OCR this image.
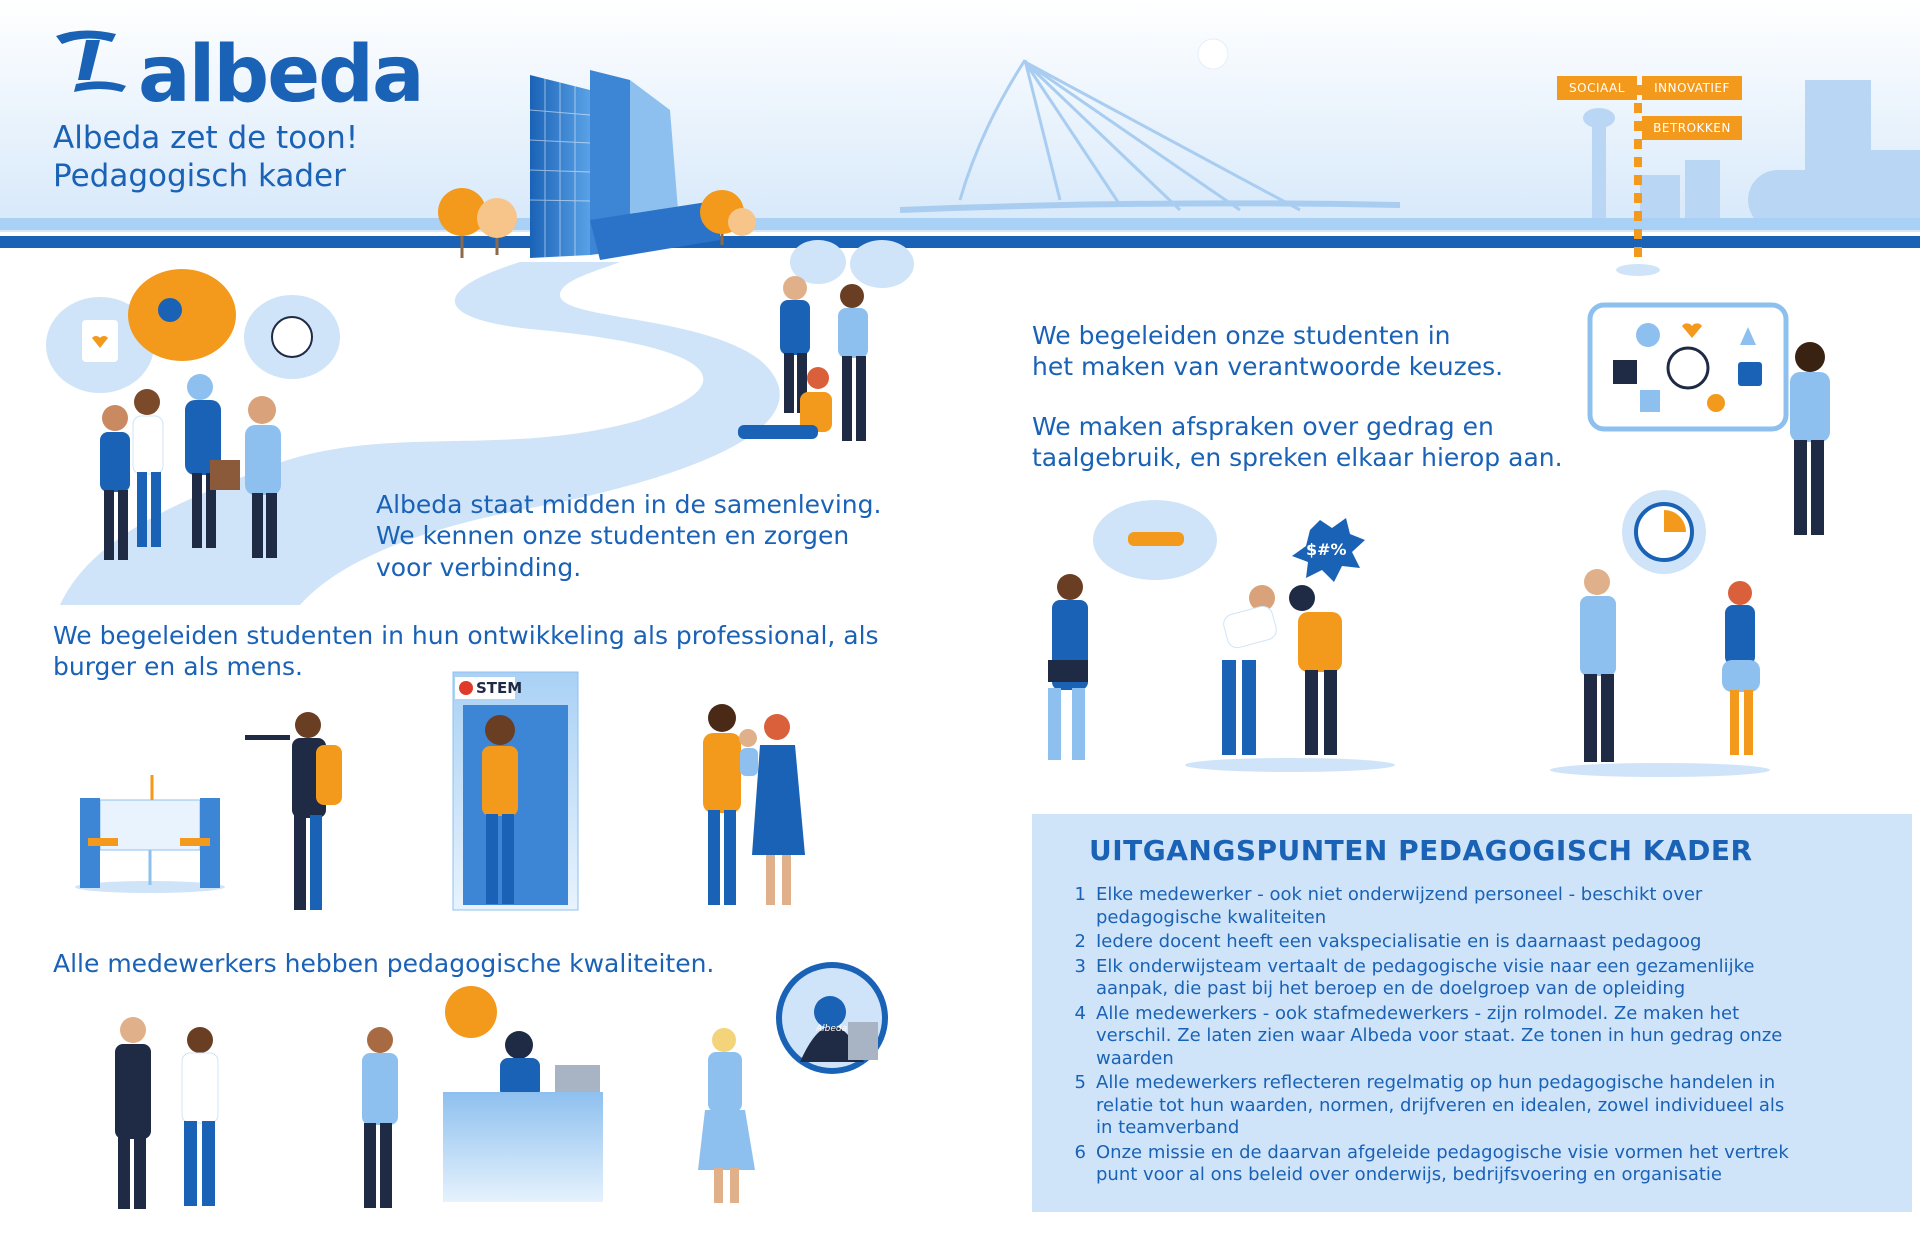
albeda
Albeda zet de toon!
Pedagogisch kader
SOCIAAL	INNOVATIEF
BETROKKEN
Albeda staat midden in de samenleving.
We kennen onze studenten en zorgen
voor verbinding.
We begeleiden studenten in hun ontwikkeling als professional, als
burger en als mens.
Alle medewerkers hebben pedagogische kwaliteiten.
We begeleiden onze studenten in
het maken van verantwoorde keuzes.
We maken afspraken over gedrag en
taalgebruik, en spreken elkaar hierop aan.
STEM
$#%
Albeda
UITGANGSPUNTEN PEDAGOGISCH KADER
1 Elke medewerker - ook niet onderwijzend personeel - beschikt over
pedagogische kwaliteiten
2 Iedere docent heeft een vakspecialisatie en is daarnaast pedagoog
3 Elk onderwijsteam vertaalt de pedagogische visie naar een gezamenlijke
aanpak, die past bij het beroep en de doelgroep van de opleiding
4 Alle medewerkers - ook stafmedewerkers - zijn rolmodel. Ze maken het
verschil. Ze laten zien waar Albeda voor staat. Ze tonen in hun gedrag onze
waarden
5 Alle medewerkers reflecteren regelmatig op hun pedagogische handelen in
relatie tot hun waarden, normen, drijfveren en idealen, zowel individueel als
in teamverband
6 Onze missie en de daarvan afgeleide pedagogische visie vormen het vertrek
punt voor al ons beleid over onderwijs, bedrijfsvoering en organisatie
